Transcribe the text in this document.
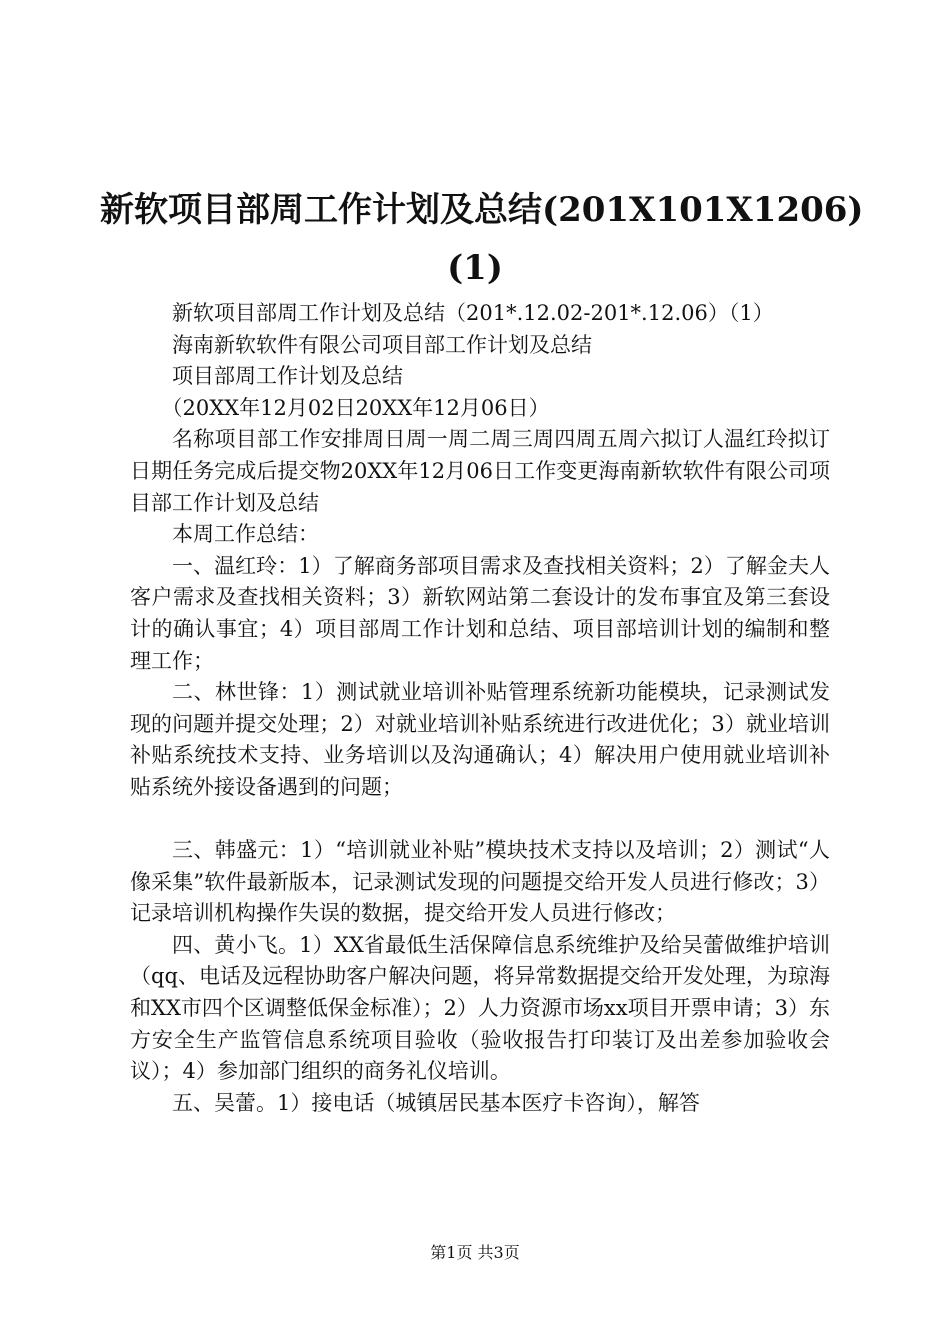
新软项目部周工作计划及总结(201X101X1206)
(1)

新软项目部周工作计划及总结（201*.12.02-201*.12.06）（1）

海南新软软件有限公司项目部工作计划及总结

项目部周工作计划及总结

（20XX年12月02日20XX年12月06日）

名称项目部工作安排周日周一周二周三周四周五周六拟订人温红玲拟订日期任务完成后提交物20XX年12月06日工作变更海南新软软件有限公司项目部工作计划及总结

本周工作总结：

一、温红玲：1）了解商务部项目需求及查找相关资料；2）了解金夫人客户需求及查找相关资料；3）新软网站第二套设计的发布事宜及第三套设计的确认事宜；4）项目部周工作计划和总结、项目部培训计划的编制和整理工作；

二、林世锋：1）测试就业培训补贴管理系统新功能模块，记录测试发现的问题并提交处理；2）对就业培训补贴系统进行改进优化；3）就业培训补贴系统技术支持、业务培训以及沟通确认；4）解决用户使用就业培训补贴系统外接设备遇到的问题；

三、韩盛元：1）“培训就业补贴”模块技术支持以及培训；2）测试“人像采集”软件最新版本，记录测试发现的问题提交给开发人员进行修改；3）记录培训机构操作失误的数据，提交给开发人员进行修改；

四、黄小飞。1）XX省最低生活保障信息系统维护及给吴蕾做维护培训（qq、电话及远程协助客户解决问题，将异常数据提交给开发处理，为琼海和XX市四个区调整低保金标准）；2）人力资源市场xx项目开票申请；3）东方安全生产监管信息系统项目验收（验收报告打印装订及出差参加验收会议）；4）参加部门组织的商务礼仪培训。

五、吴蕾。1）接电话（城镇居民基本医疗卡咨询），解答

第1页 共3页
